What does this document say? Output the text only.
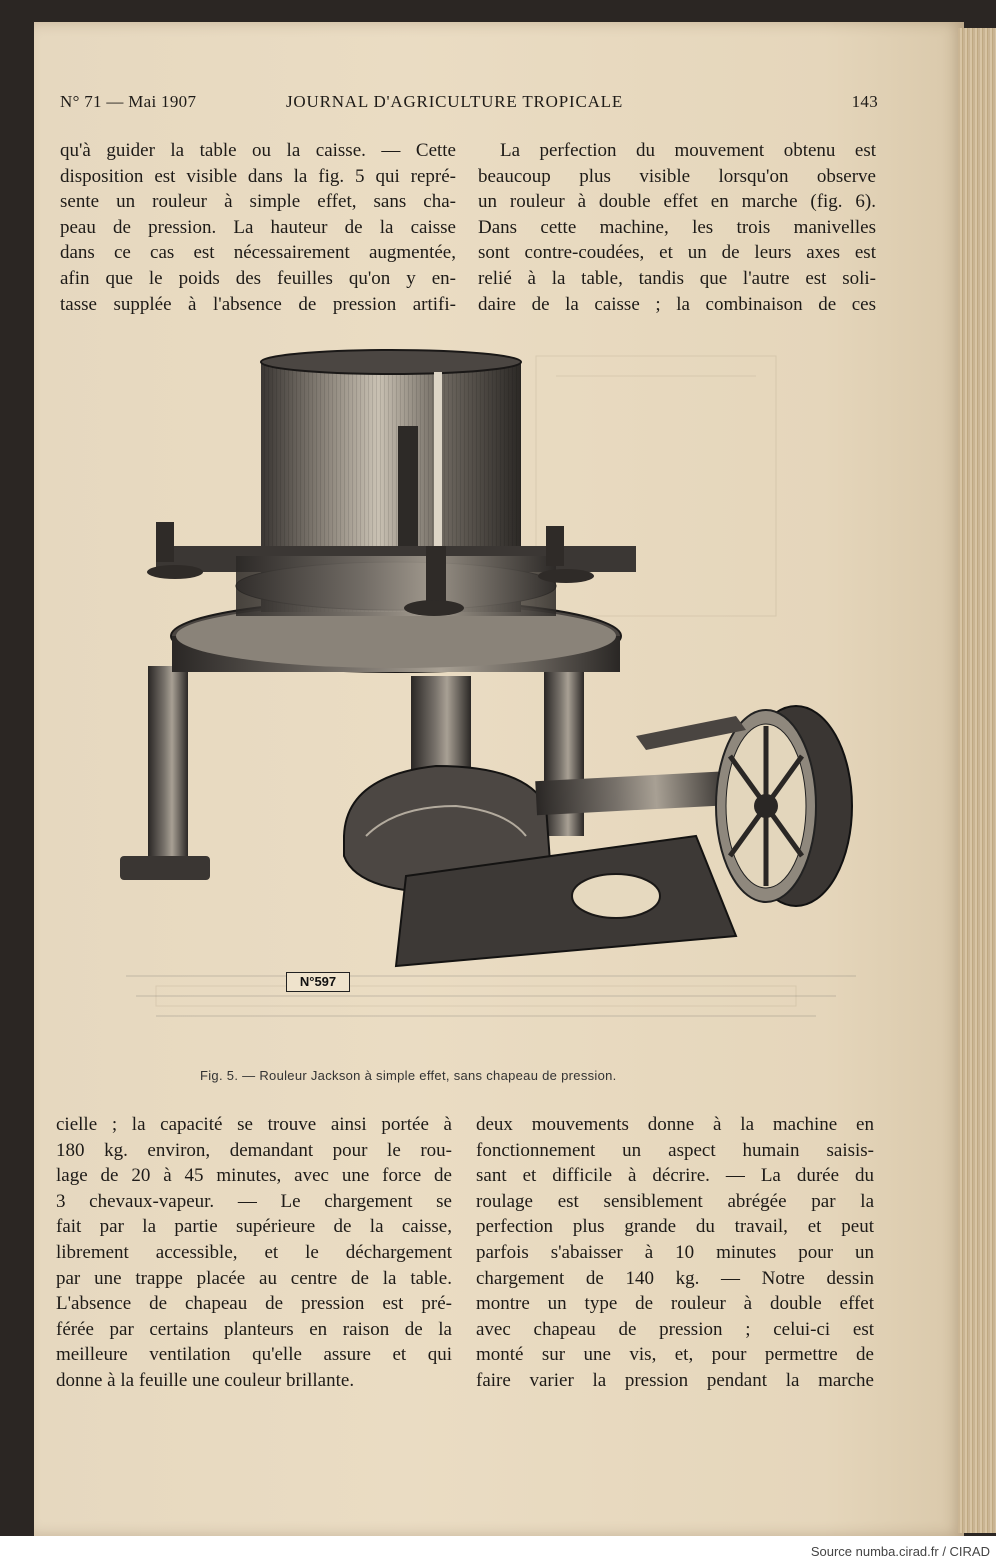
N° 71 — Mai 1907	JOURNAL D'AGRICULTURE TROPICALE	143

qu'à guider la table ou la caisse. — Cette

disposition est visible dans la fig. 5 qui repré-

sente un rouleur à simple effet, sans cha-

peau de pression. La hauteur de la caisse

dans ce cas est nécessairement augmentée,

afin que le poids des feuilles qu'on y en-

tasse supplée à l'absence de pression artifi-

La perfection du mouvement obtenu est

beaucoup plus visible lorsqu'on observe

un rouleur à double effet en marche (fig. 6).

Dans cette machine, les trois manivelles

sont contre-coudées, et un de leurs axes est

relié à la table, tandis que l'autre est soli-

daire de la caisse ; la combinaison de ces

N°597
Fig. 5. — Rouleur Jackson à simple effet, sans chapeau de pression.

cielle ; la capacité se trouve ainsi portée à

180 kg. environ, demandant pour le rou-

lage de 20 à 45 minutes, avec une force de

3 chevaux-vapeur. — Le chargement se

fait par la partie supérieure de la caisse,

librement accessible, et le déchargement

par une trappe placée au centre de la table.

L'absence de chapeau de pression est pré-

férée par certains planteurs en raison de la

meilleure ventilation qu'elle assure et qui

donne à la feuille une couleur brillante.

deux mouvements donne à la machine en

fonctionnement un aspect humain saisis-

sant et difficile à décrire. — La durée du

roulage est sensiblement abrégée par la

perfection plus grande du travail, et peut

parfois s'abaisser à 10 minutes pour un

chargement de 140 kg. — Notre dessin

montre un type de rouleur à double effet

avec chapeau de pression ; celui-ci est

monté sur une vis, et, pour permettre de

faire varier la pression pendant la marche

Source numba.cirad.fr / CIRAD
